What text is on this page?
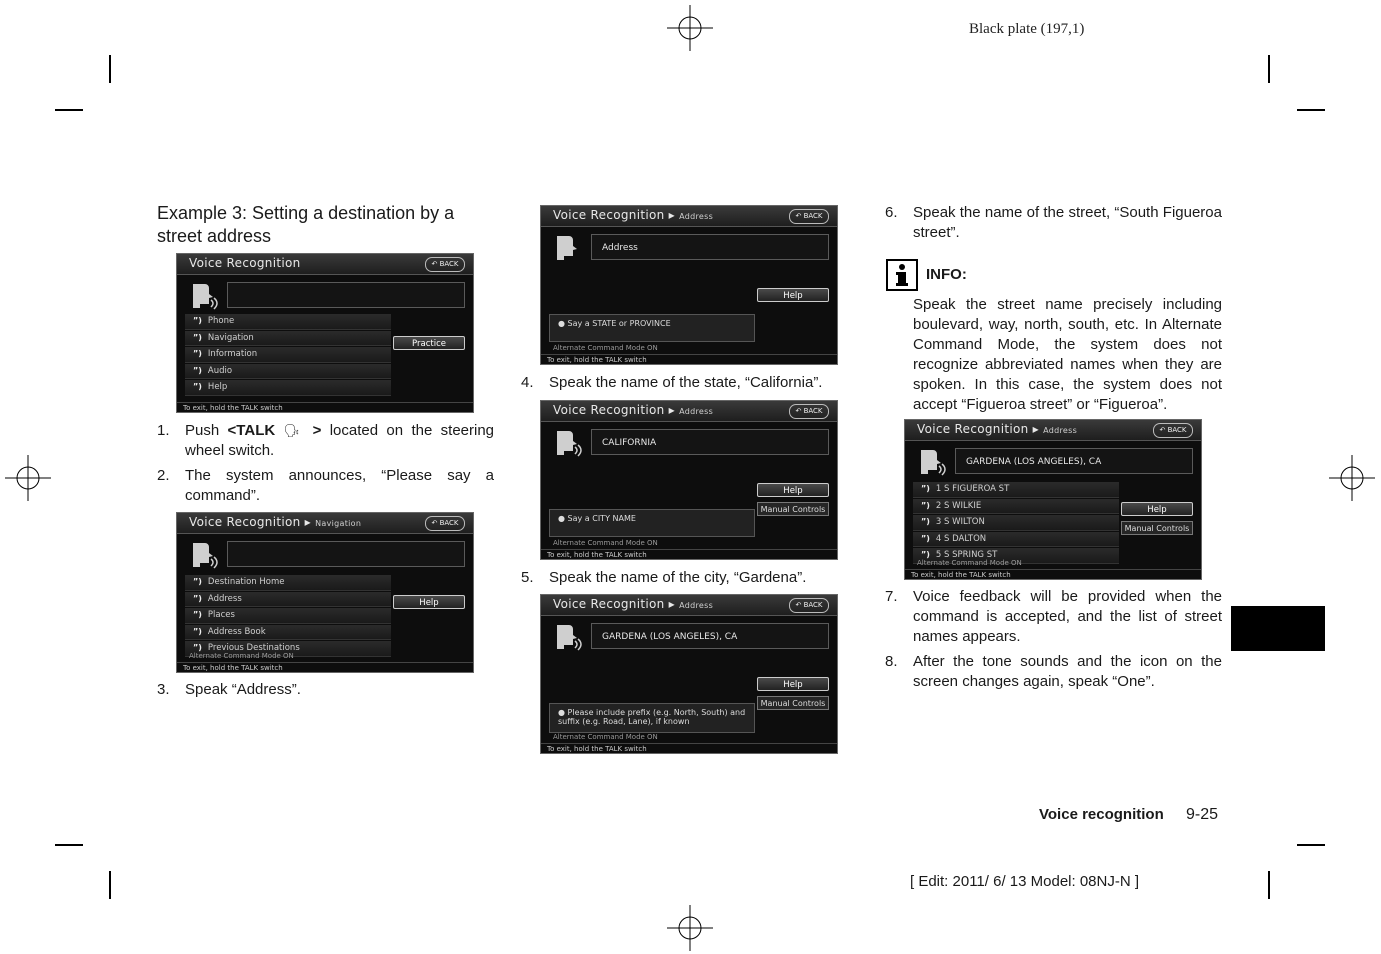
Black plate (197,1)
Example 3: Setting a destination by a street address
Voice Recognition	↶ BACK
”) Phone
”) Navigation
”) Information
”) Audio
”) Help
Practice
To exit, hold the TALK switch
1. Push <TALK 🗣 > located on the steering wheel switch.
2. The system announces, “Please say a command”.
Voice Recognition ▸ Navigation	↶ BACK
”) Destination Home
”) Address
”) Places
”) Address Book
”) Previous Destinations
Help
Alternate Command Mode ON
To exit, hold the TALK switch
3. Speak “Address”.
Voice Recognition ▸ Address	↶ BACK
Address
Help
● Say a STATE or PROVINCE
Alternate Command Mode ON
To exit, hold the TALK switch
4. Speak the name of the state, “California”.
Voice Recognition ▸ Address	↶ BACK
CALIFORNIA
Help
Manual Controls
● Say a CITY NAME
Alternate Command Mode ON
To exit, hold the TALK switch
5. Speak the name of the city, “Gardena”.
Voice Recognition ▸ Address	↶ BACK
GARDENA (LOS ANGELES), CA
Help
Manual Controls
● Please include prefix (e.g. North, South) and suffix (e.g. Road, Lane), if known
Alternate Command Mode ON
To exit, hold the TALK switch
6. Speak the name of the street, “South Figueroa street”.
INFO:
Speak the street name precisely including boulevard, way, north, south, etc. In Alternate Command Mode, the system does not recognize abbreviated names when they are spoken. In this case, the system does not accept “Figueroa street” or “Figueroa”.
Voice Recognition ▸ Address	↶ BACK
GARDENA (LOS ANGELES), CA
”) 1 S FIGUEROA ST
”) 2 S WILKIE
”) 3 S WILTON
”) 4 S DALTON
”) 5 S SPRING ST
Help
Manual Controls
Alternate Command Mode ON
To exit, hold the TALK switch
7. Voice feedback will be provided when the command is accepted, and the list of street names appears.
8. After the tone sounds and the icon on the screen changes again, speak “One”.
Voice recognition 9-25
[ Edit: 2011/ 6/ 13 Model: 08NJ-N ]
